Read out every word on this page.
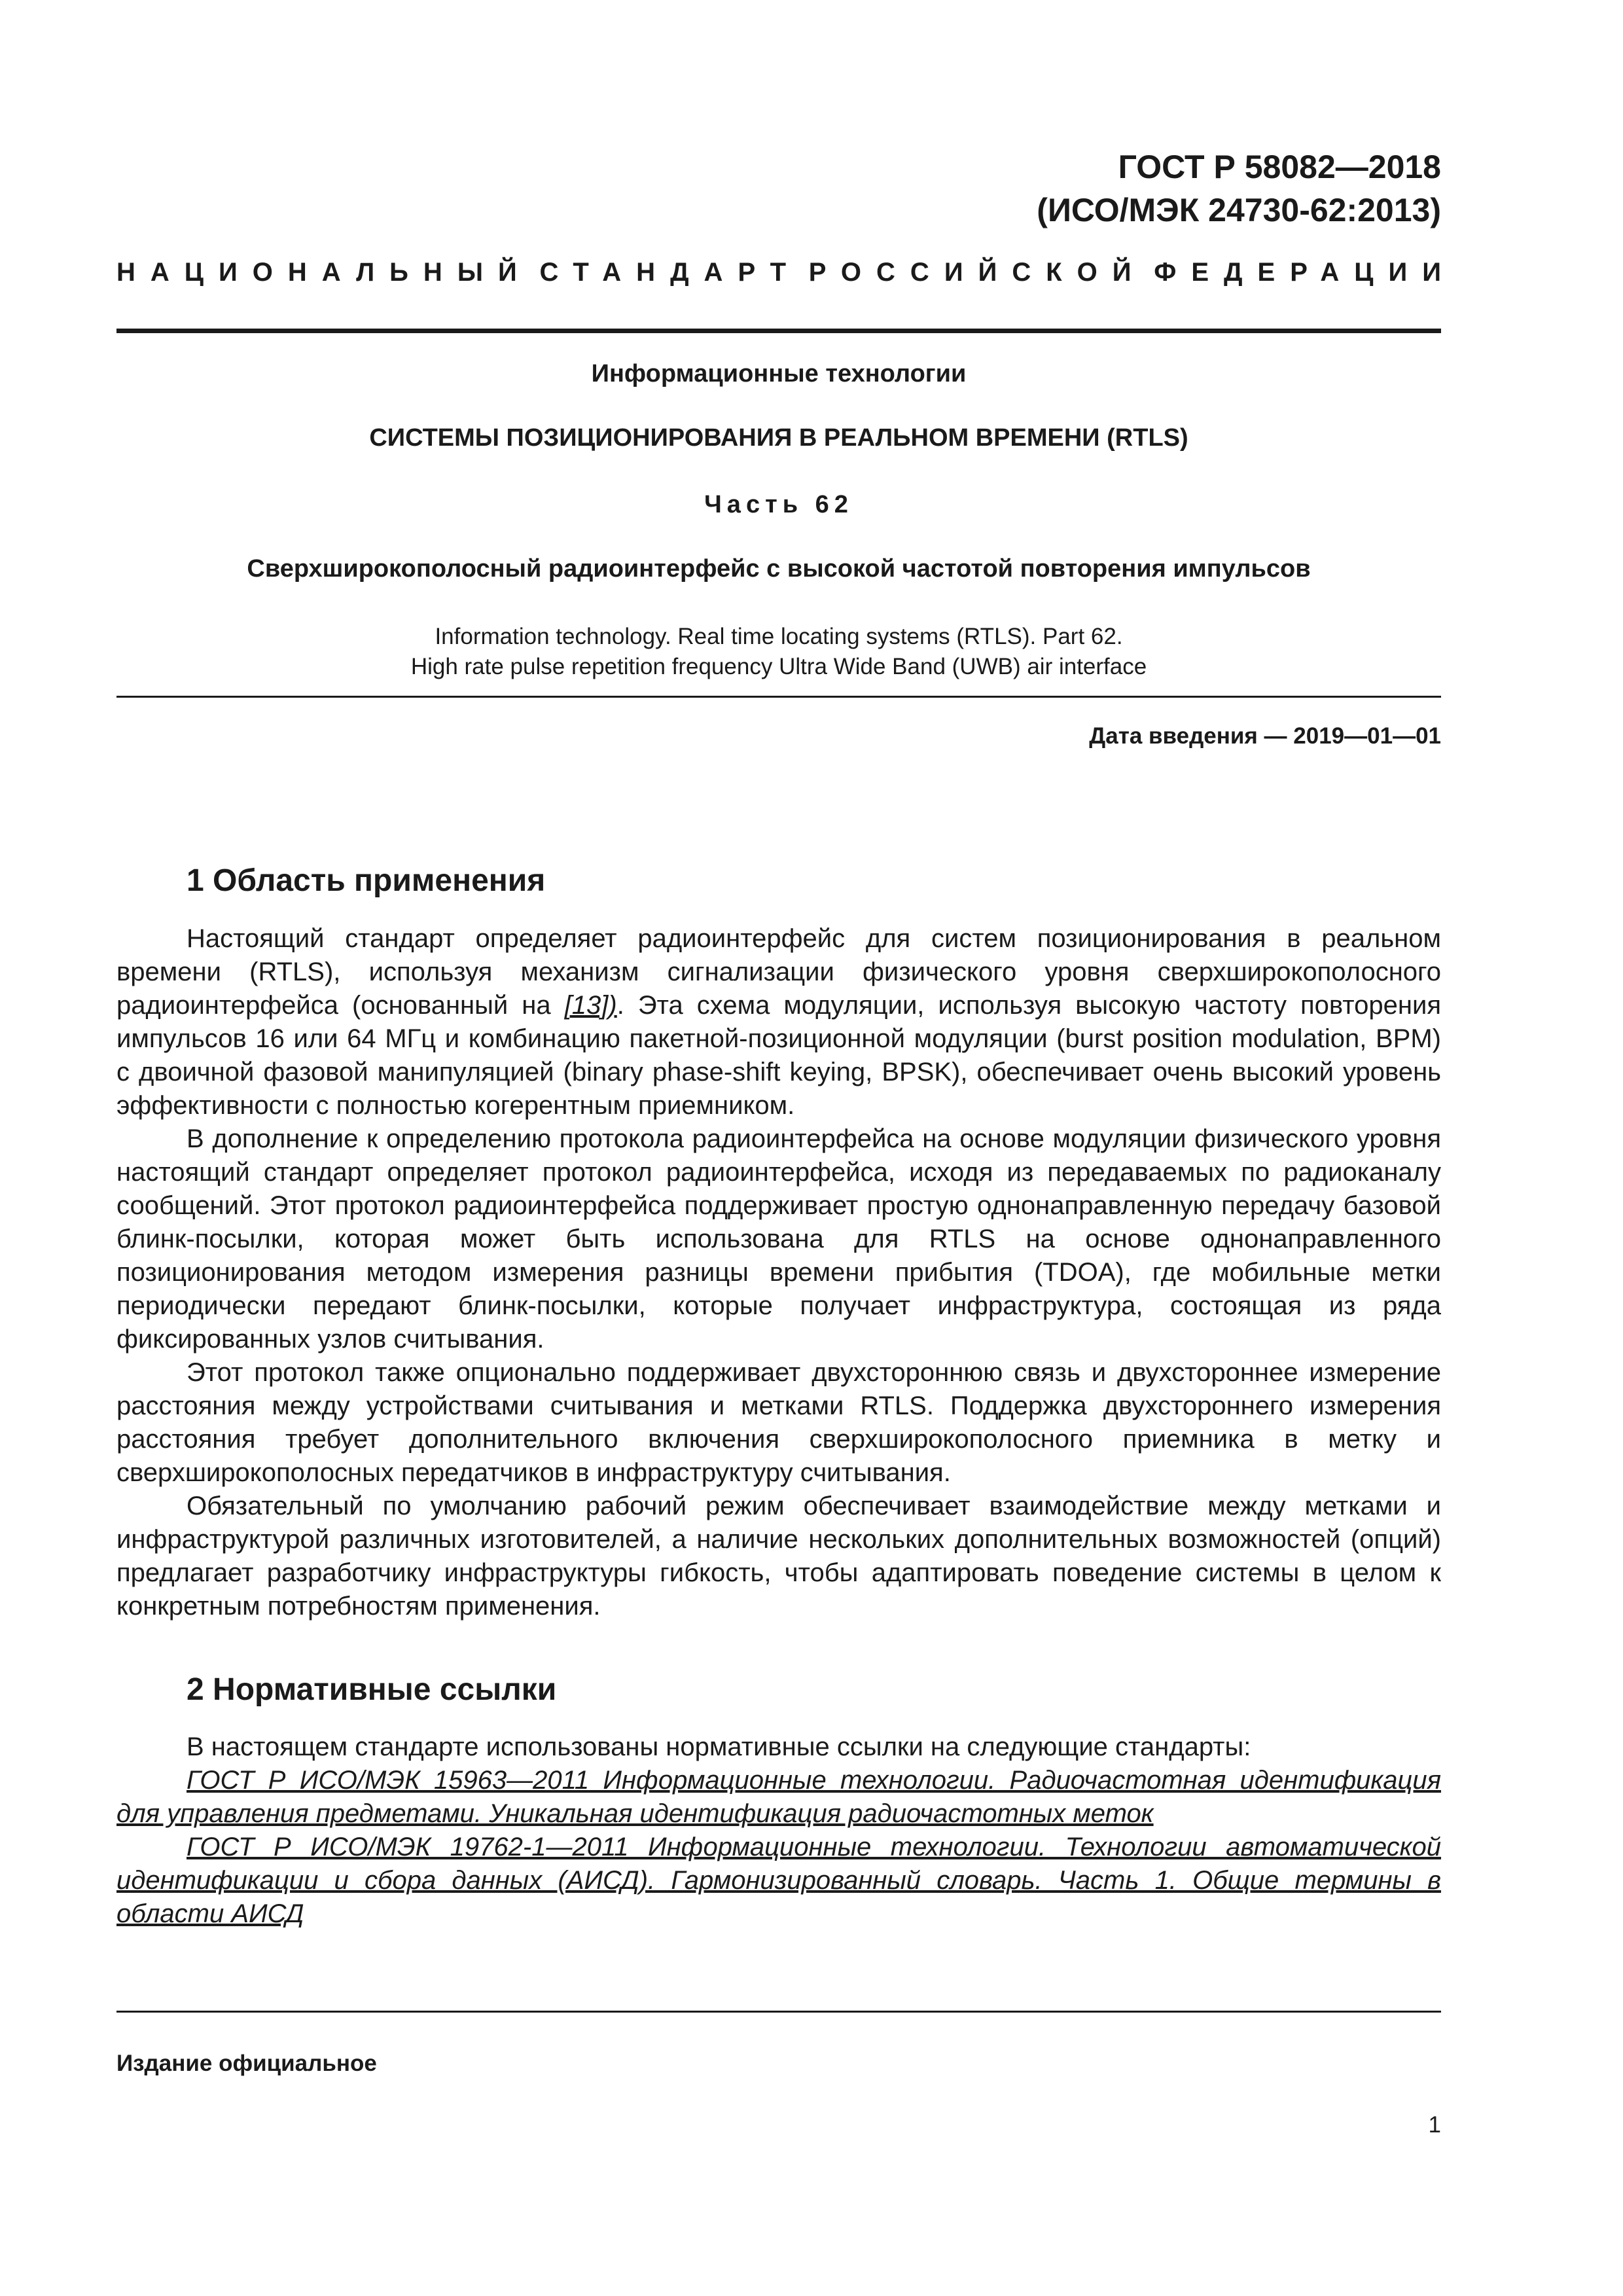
ГОСТ Р 58082—2018
(ИСО/МЭК 24730-62:2013)
НАЦИОНАЛЬНЫЙ СТАНДАРТ РОССИЙСКОЙ ФЕДЕРАЦИИ
Информационные технологии
СИСТЕМЫ ПОЗИЦИОНИРОВАНИЯ В РЕАЛЬНОМ ВРЕМЕНИ (RTLS)
Часть 62
Сверхширокополосный радиоинтерфейс с высокой частотой повторения импульсов
Information technology. Real time locating systems (RTLS). Part 62.
High rate pulse repetition frequency Ultra Wide Band (UWB) air interface
Дата введения — 2019—01—01
1 Область применения

Настоящий стандарт определяет радиоинтерфейс для систем позиционирования в реальном времени (RTLS), используя механизм сигнализации физического уровня сверхширокополосного радиоинтерфейса (основанный на [13]). Эта схема модуляции, используя высокую частоту повторения импульсов 16 или 64 МГц и комбинацию пакетной-позиционной модуляции (burst position modulation, BPM) с двоичной фазовой манипуляцией (binary phase-shift keying, BPSK), обеспечивает очень высокий уровень эффективности с полностью когерентным приемником.

В дополнение к определению протокола радиоинтерфейса на основе модуляции физического уровня настоящий стандарт определяет протокол радиоинтерфейса, исходя из передаваемых по радиоканалу сообщений. Этот протокол радиоинтерфейса поддерживает простую однонаправленную передачу базовой блинк-посылки, которая может быть использована для RTLS на основе однонаправленного позиционирования методом измерения разницы времени прибытия (TDOA), где мобильные метки периодически передают блинк-посылки, которые получает инфраструктура, состоящая из ряда фиксированных узлов считывания.

Этот протокол также опционально поддерживает двухстороннюю связь и двухстороннее измерение расстояния между устройствами считывания и метками RTLS. Поддержка двухстороннего измерения расстояния требует дополнительного включения сверхширокополосного приемника в метку и сверхширокополосных передатчиков в инфраструктуру считывания.

Обязательный по умолчанию рабочий режим обеспечивает взаимодействие между метками и инфраструктурой различных изготовителей, а наличие нескольких дополнительных возможностей (опций) предлагает разработчику инфраструктуры гибкость, чтобы адаптировать поведение системы в целом к конкретным потребностям применения.

2 Нормативные ссылки

В настоящем стандарте использованы нормативные ссылки на следующие стандарты:

ГОСТ Р ИСО/МЭК 15963—2011 Информационные технологии. Радиочастотная идентификация для управления предметами. Уникальная идентификация радиочастотных меток

ГОСТ Р ИСО/МЭК 19762-1—2011 Информационные технологии. Технологии автоматической идентификации и сбора данных (АИСД). Гармонизированный словарь. Часть 1. Общие термины в области АИСД

Издание официальное
1
